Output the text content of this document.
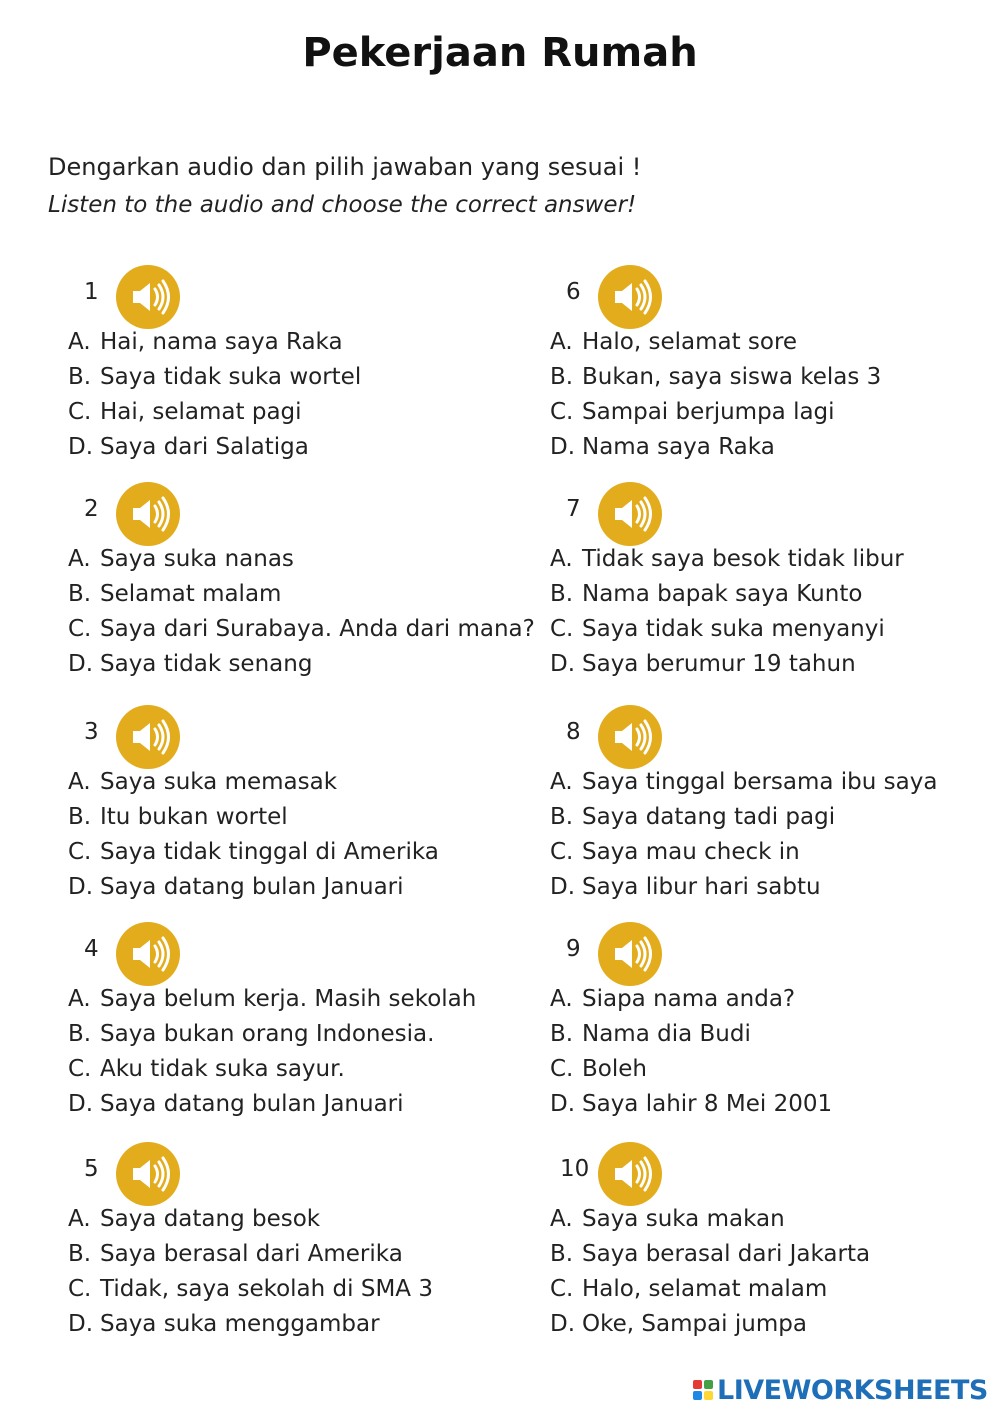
Pekerjaan Rumah
Dengarkan audio dan pilih jawaban yang sesuai !
Listen to the audio and choose the correct answer!
1
A. Hai, nama saya Raka
B. Saya tidak suka wortel
C. Hai, selamat pagi
D. Saya dari Salatiga
2
A. Saya suka nanas
B. Selamat malam
C. Saya dari Surabaya. Anda dari mana?
D. Saya tidak senang
3
A. Saya suka memasak
B. Itu bukan wortel
C. Saya tidak tinggal di Amerika
D. Saya datang bulan Januari
4
A. Saya belum kerja. Masih sekolah
B. Saya bukan orang Indonesia.
C. Aku tidak suka sayur.
D. Saya datang bulan Januari
5
A. Saya datang besok
B. Saya berasal dari Amerika
C. Tidak, saya sekolah di SMA 3
D. Saya suka menggambar
6
A. Halo, selamat sore
B. Bukan, saya siswa kelas 3
C. Sampai berjumpa lagi
D. Nama saya Raka
7
A. Tidak saya besok tidak libur
B. Nama bapak saya Kunto
C. Saya tidak suka menyanyi
D. Saya berumur 19 tahun
8
A. Saya tinggal bersama ibu saya
B. Saya datang tadi pagi
C. Saya mau check in
D. Saya libur hari sabtu
9
A. Siapa nama anda?
B. Nama dia Budi
C. Boleh
D. Saya lahir 8 Mei 2001
10
A. Saya suka makan
B. Saya berasal dari Jakarta
C. Halo, selamat malam
D. Oke, Sampai jumpa
LIVEWORKSHEETS
